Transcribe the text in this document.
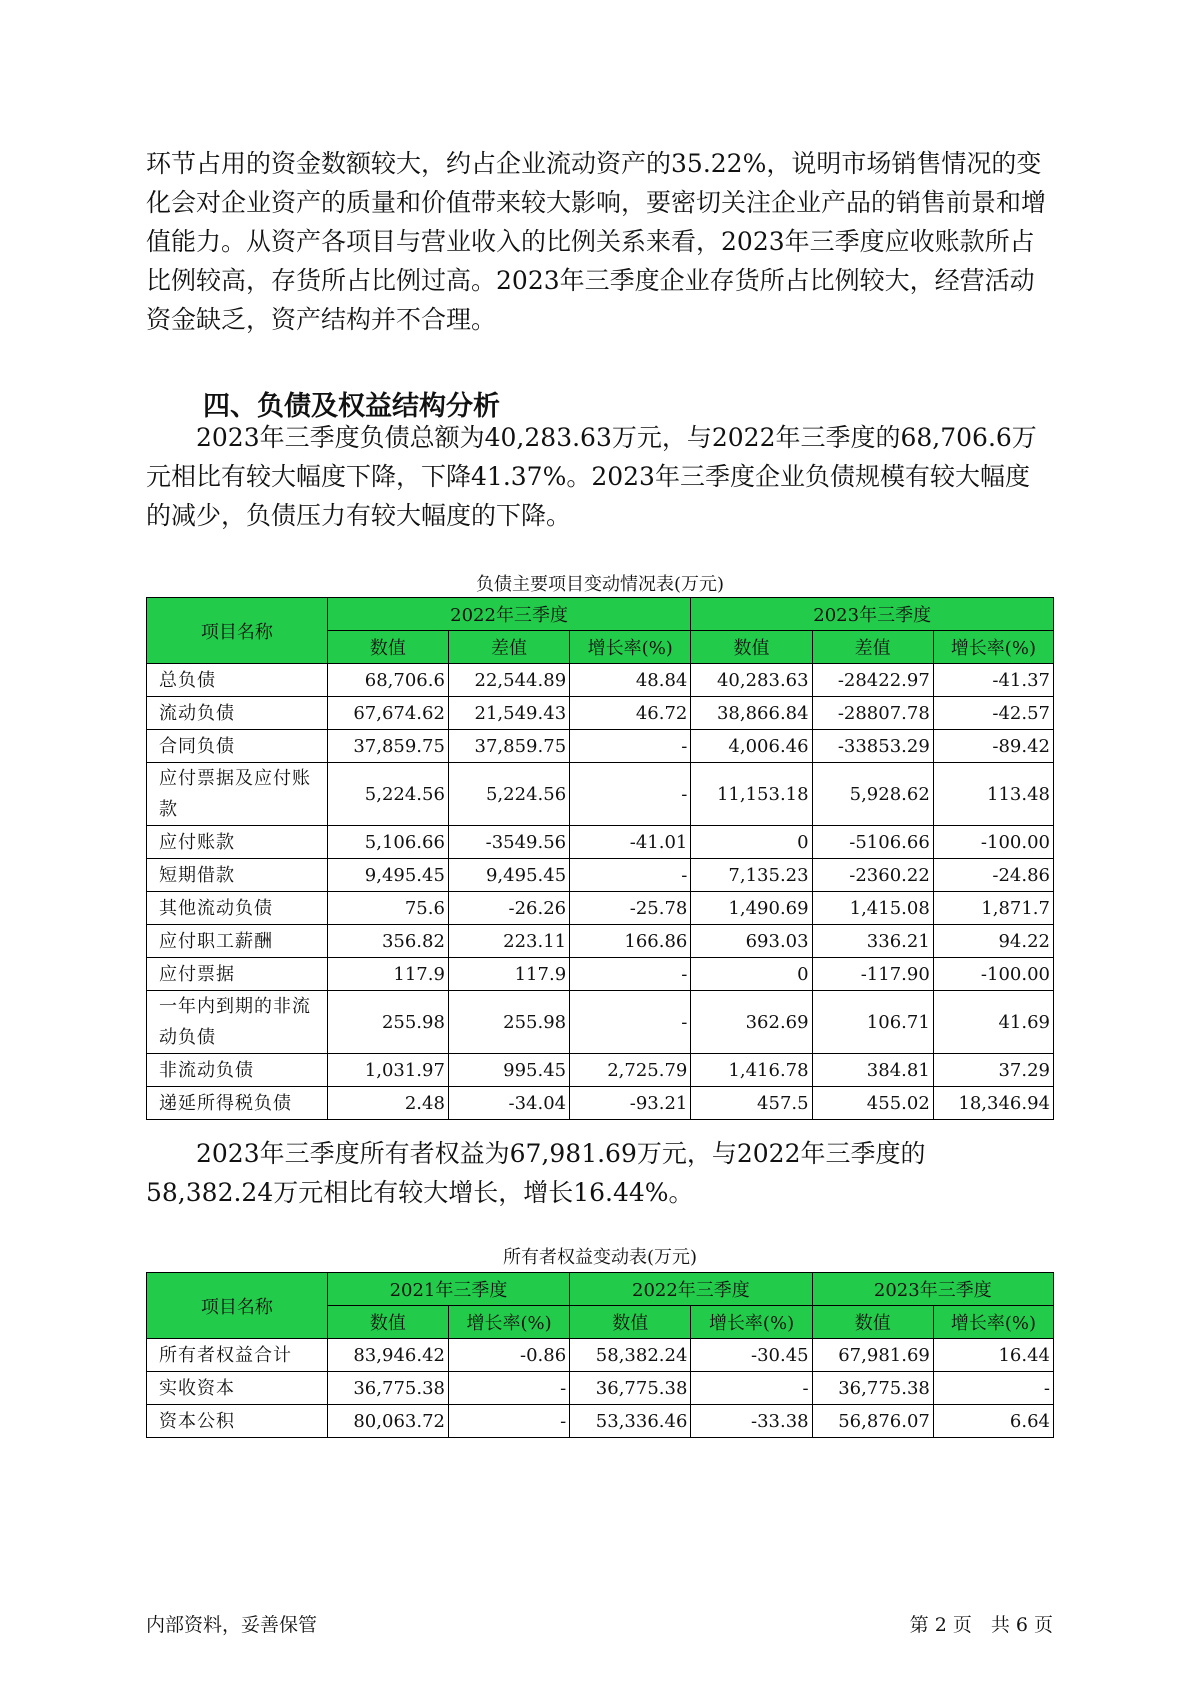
环节占用的资金数额较大，约占企业流动资产的35.22%，说明市场销售情况的变化会对企业资产的质量和价值带来较大影响，要密切关注企业产品的销售前景和增值能力。从资产各项目与营业收入的比例关系来看，2023年三季度应收账款所占比例较高，存货所占比例过高。2023年三季度企业存货所占比例较大，经营活动资金缺乏，资产结构并不合理。

四、负债及权益结构分析

2023年三季度负债总额为40,283.63万元，与2022年三季度的68,706.6万元相比有较大幅度下降，下降41.37%。2023年三季度企业负债规模有较大幅度的减少，负债压力有较大幅度的下降。

负债主要项目变动情况表(万元)
项目名称	2022年三季度			2023年三季度		
	数值	差值	增长率(%)	数值	差值	增长率(%)
总负债	68,706.6	22,544.89	48.84	40,283.63	-28422.97	-41.37
流动负债	67,674.62	21,549.43	46.72	38,866.84	-28807.78	-42.57
合同负债	37,859.75	37,859.75	-	4,006.46	-33853.29	-89.42
应付票据及应付账款	5,224.56	5,224.56	-	11,153.18	5,928.62	113.48
应付账款	5,106.66	-3549.56	-41.01	0	-5106.66	-100.00
短期借款	9,495.45	9,495.45	-	7,135.23	-2360.22	-24.86
其他流动负债	75.6	-26.26	-25.78	1,490.69	1,415.08	1,871.7
应付职工薪酬	356.82	223.11	166.86	693.03	336.21	94.22
应付票据	117.9	117.9	-	0	-117.90	-100.00
一年内到期的非流动负债	255.98	255.98	-	362.69	106.71	41.69
非流动负债	1,031.97	995.45	2,725.79	1,416.78	384.81	37.29
递延所得税负债	2.48	-34.04	-93.21	457.5	455.02	18,346.94

2023年三季度所有者权益为67,981.69万元，与2022年三季度的58,382.24万元相比有较大增长，增长16.44%。

所有者权益变动表(万元)
项目名称	2021年三季度		2022年三季度		2023年三季度	
	数值	增长率(%)	数值	增长率(%)	数值	增长率(%)
所有者权益合计	83,946.42	-0.86	58,382.24	-30.45	67,981.69	16.44
实收资本	36,775.38	-	36,775.38	-	36,775.38	-
资本公积	80,063.72	-	53,336.46	-33.38	56,876.07	6.64
内部资料，妥善保管	第 2 页　共 6 页
